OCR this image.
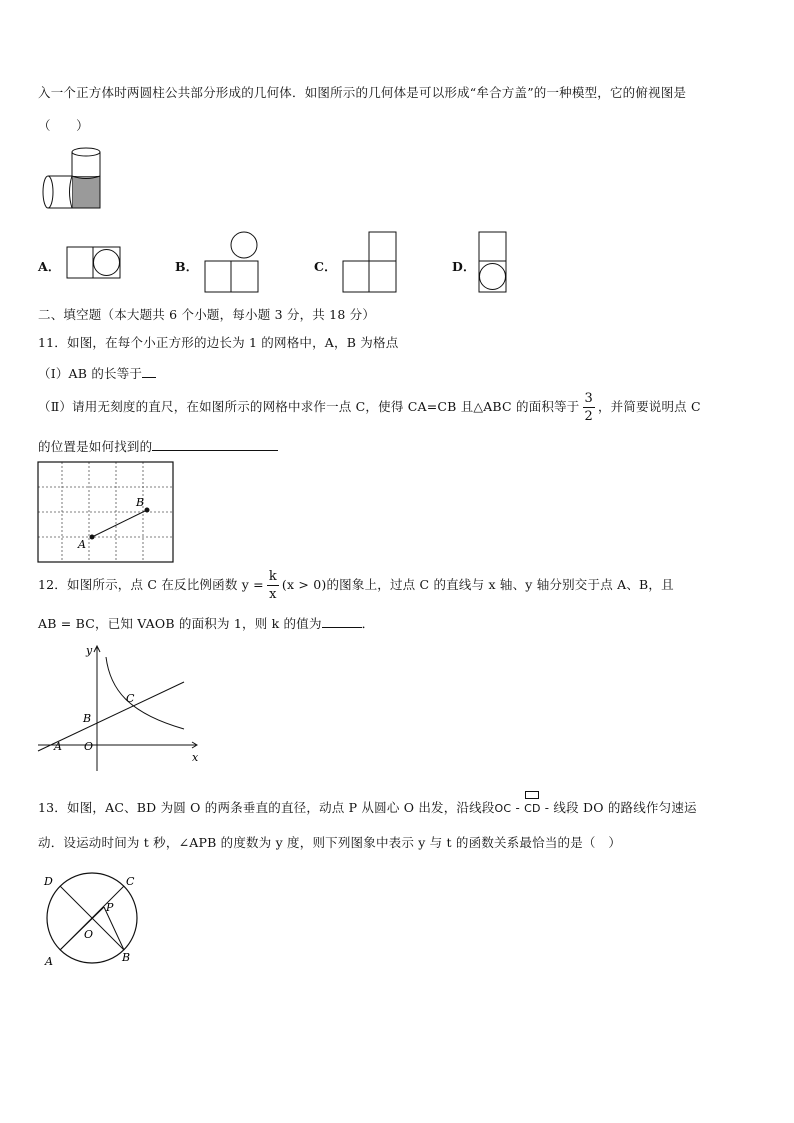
入一个正方体时两圆柱公共部分形成的几何体．如图所示的几何体是可以形成“牟合方盖”的一种模型，它的俯视图是
（　　）
A．	B．	C．	D．
二、填空题（本大题共 6 个小题，每小题 3 分，共 18 分）
11．如图，在每个小正方形的边长为 1 的网格中，A，B 为格点
（Ⅰ）AB 的长等于
（Ⅱ）请用无刻度的直尺，在如图所示的网格中求作一点 C，使得 CA=CB 且△ABC 的面积等于 $\frac{3}{2}$ ，并简要说明点 C
的位置是如何找到的
A
B
12．如图所示，点 C 在反比例函数 $y = \frac{k}{x} (x > 0)$的图象上，过点 C 的直线与 x 轴、y 轴分别交于点 A、B，且
AB = BC，已知 VAOB 的面积为 1，则 k 的值为	．
y
x
C
B
A O
13．如图，AC、BD 为圆 O 的两条垂直的直径，动点 P 从圆心 O 出发，沿线段OC -
CD - 线段 DO 的路线作匀速运
动．设运动时间为 t 秒，∠APB 的度数为 y 度，则下列图象中表示 y 与 t 的函数关系最恰当的是（　）
D	C
P
O
A	B
